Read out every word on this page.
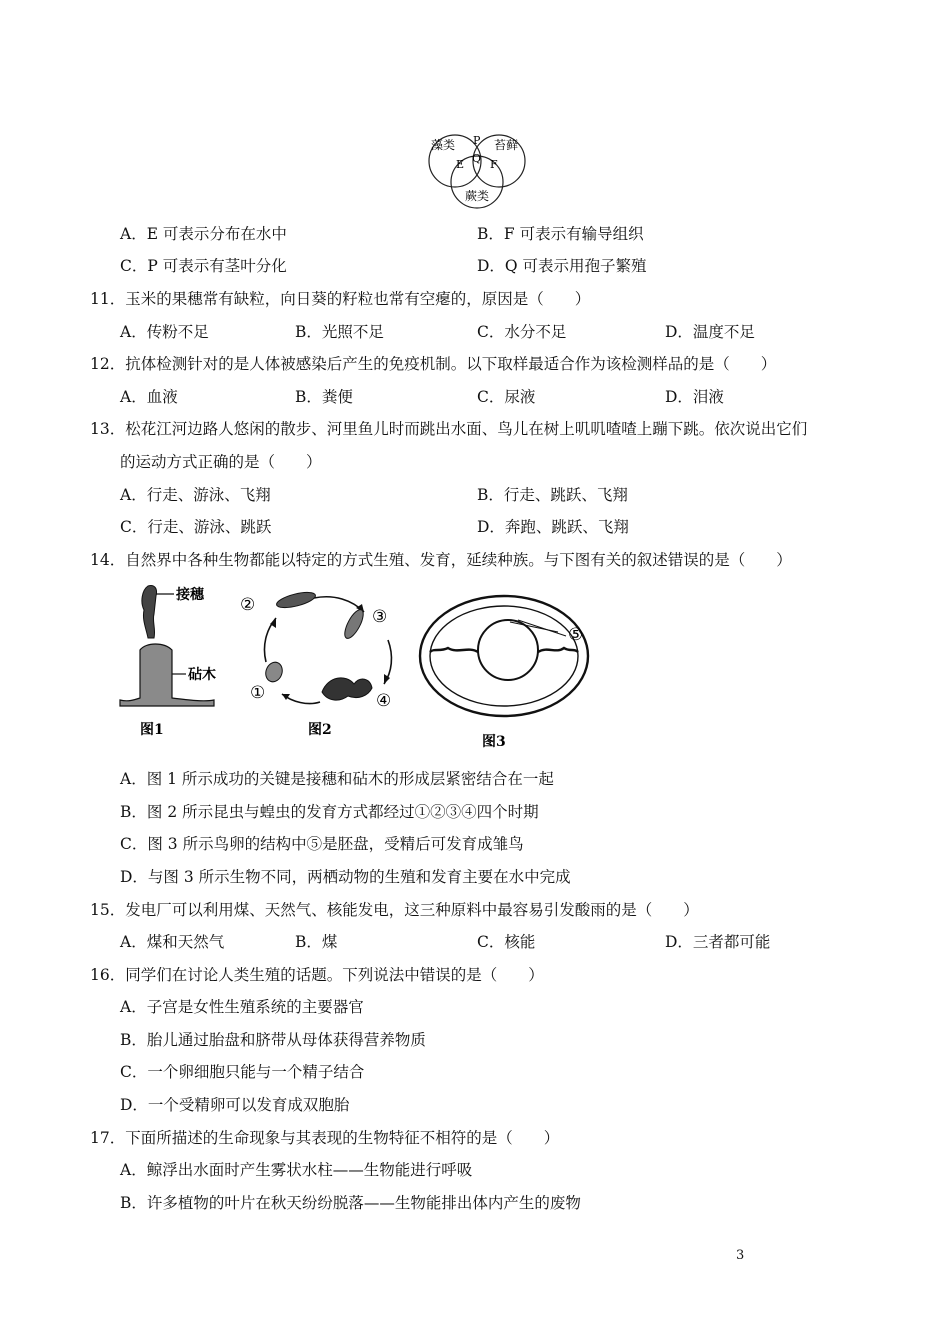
藻类	苔藓
蕨类
P
E Q F
A．E 可表示分布在水中	B．F 可表示有输导组织
C．P 可表示有茎叶分化	D．Q 可表示用孢子繁殖
11．玉米的果穗常有缺粒，向日葵的籽粒也常有空瘪的，原因是（　　）
A．传粉不足	B．光照不足	C．水分不足	D．温度不足
12．抗体检测针对的是人体被感染后产生的免疫机制。以下取样最适合作为该检测样品的是（　　）
A．血液	B．粪便	C．尿液	D．泪液
13．松花江河边路人悠闲的散步、河里鱼儿时而跳出水面、鸟儿在树上叽叽喳喳上蹦下跳。依次说出它们
的运动方式正确的是（　　）
A．行走、游泳、飞翔	B．行走、跳跃、飞翔
C．行走、游泳、跳跃	D．奔跑、跳跃、飞翔
14．自然界中各种生物都能以特定的方式生殖、发育，延续种族。与下图有关的叙述错误的是（　　）
接穗
砧木
图1
②
③
①	④
图2
⑤
图3
A．图 1 所示成功的关键是接穗和砧木的形成层紧密结合在一起
B．图 2 所示昆虫与蝗虫的发育方式都经过①②③④四个时期
C．图 3 所示鸟卵的结构中⑤是胚盘，受精后可发育成雏鸟
D．与图 3 所示生物不同，两栖动物的生殖和发育主要在水中完成
15．发电厂可以利用煤、天然气、核能发电，这三种原料中最容易引发酸雨的是（　　）
A．煤和天然气	B．煤	C．核能	D．三者都可能
16．同学们在讨论人类生殖的话题。下列说法中错误的是（　　）
A．子宫是女性生殖系统的主要器官
B．胎儿通过胎盘和脐带从母体获得营养物质
C．一个卵细胞只能与一个精子结合
D．一个受精卵可以发育成双胞胎
17．下面所描述的生命现象与其表现的生物特征不相符的是（　　）
A．鲸浮出水面时产生雾状水柱——生物能进行呼吸
B．许多植物的叶片在秋天纷纷脱落——生物能排出体内产生的废物
3
